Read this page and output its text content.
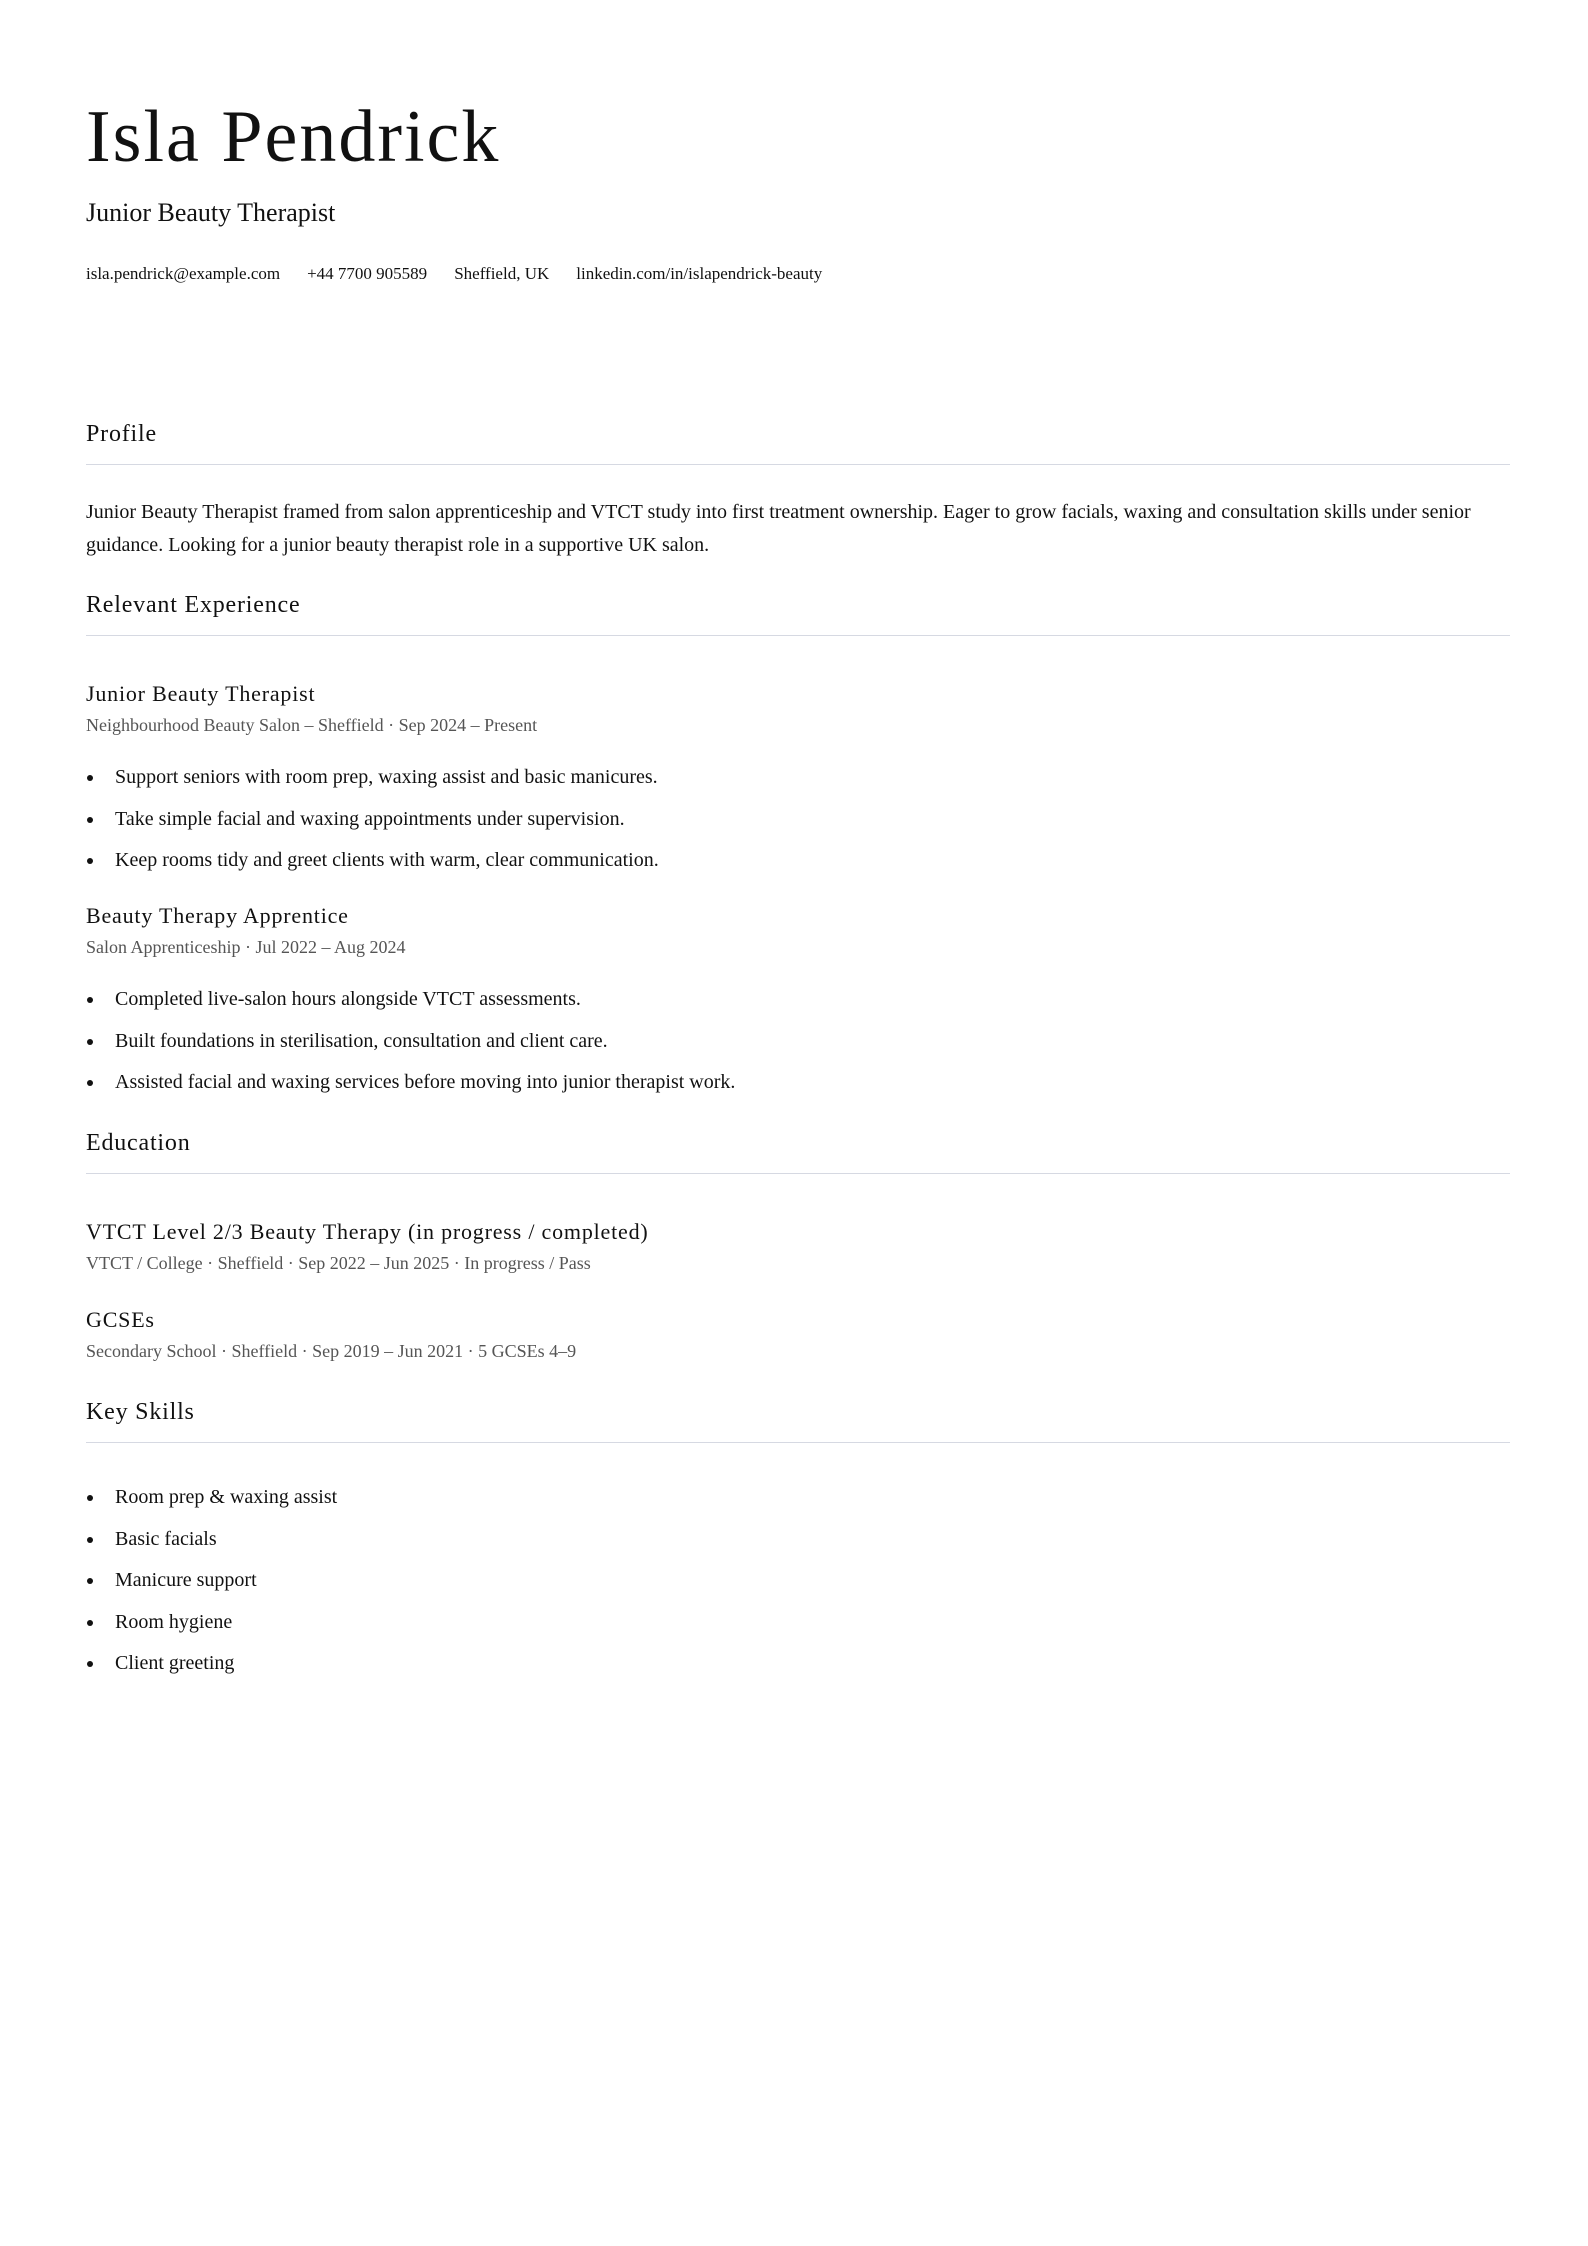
Isla Pendrick
Junior Beauty Therapist
isla.pendrick@example.com +44 7700 905589 Sheffield, UK linkedin.com/in/islapendrick-beauty
Profile

Junior Beauty Therapist framed from salon apprenticeship and VTCT study into first treatment ownership. Eager to grow facials, waxing and consultation skills under senior guidance. Looking for a junior beauty therapist role in a supportive UK salon.

Relevant Experience
Junior Beauty Therapist
Neighbourhood Beauty Salon – Sheffield · Sep 2024 – Present
Support seniors with room prep, waxing assist and basic manicures.
Take simple facial and waxing appointments under supervision.
Keep rooms tidy and greet clients with warm, clear communication.
Beauty Therapy Apprentice
Salon Apprenticeship · Jul 2022 – Aug 2024
Completed live-salon hours alongside VTCT assessments.
Built foundations in sterilisation, consultation and client care.
Assisted facial and waxing services before moving into junior therapist work.
Education
VTCT Level 2/3 Beauty Therapy (in progress / completed)
VTCT / College · Sheffield · Sep 2022 – Jun 2025 · In progress / Pass
GCSEs
Secondary School · Sheffield · Sep 2019 – Jun 2021 · 5 GCSEs 4–9
Key Skills
Room prep & waxing assist
Basic facials
Manicure support
Room hygiene
Client greeting
